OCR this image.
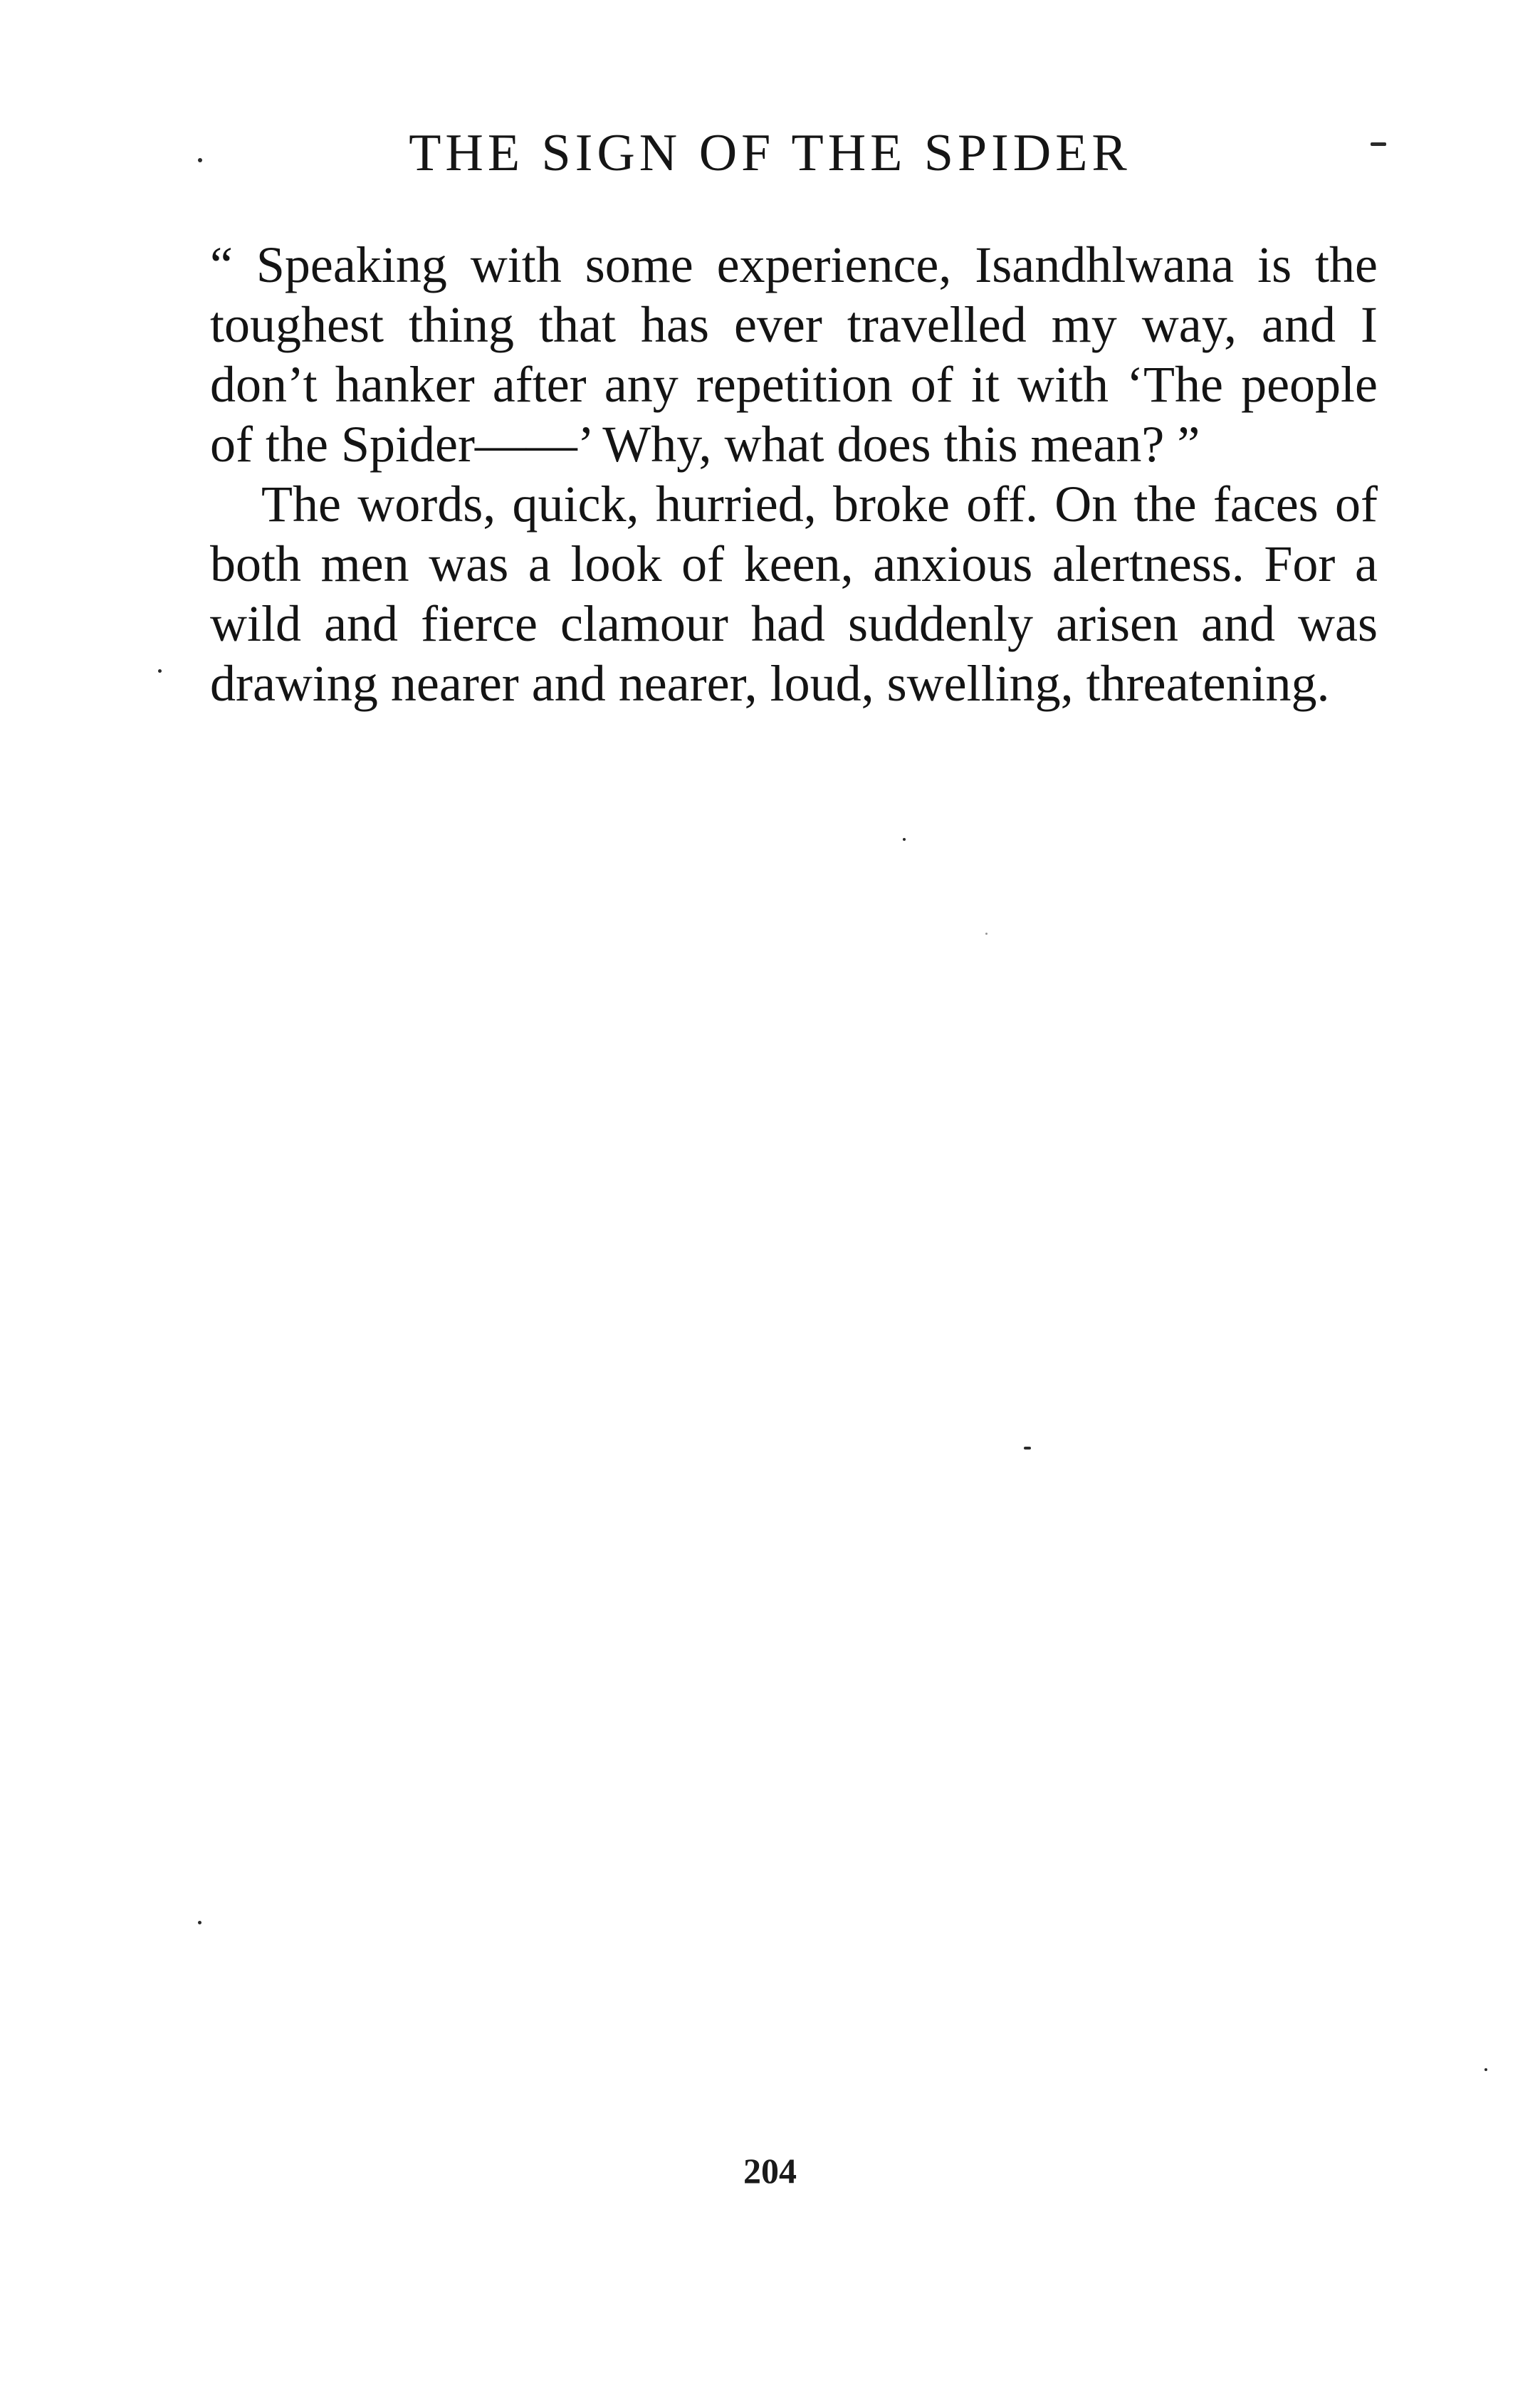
THE SIGN OF THE SPIDER

“ Speaking with some experience, Isandhlwana is the toughest thing that has ever travelled my way, and I don’t hanker after any repetition of it with ‘The people of the Spider——’ Why, what does this mean? ”

The words, quick, hurried, broke off. On the faces of both men was a look of keen, anxious alertness. For a wild and fierce clamour had suddenly arisen and was drawing nearer and nearer, loud, swelling, threatening.

204
